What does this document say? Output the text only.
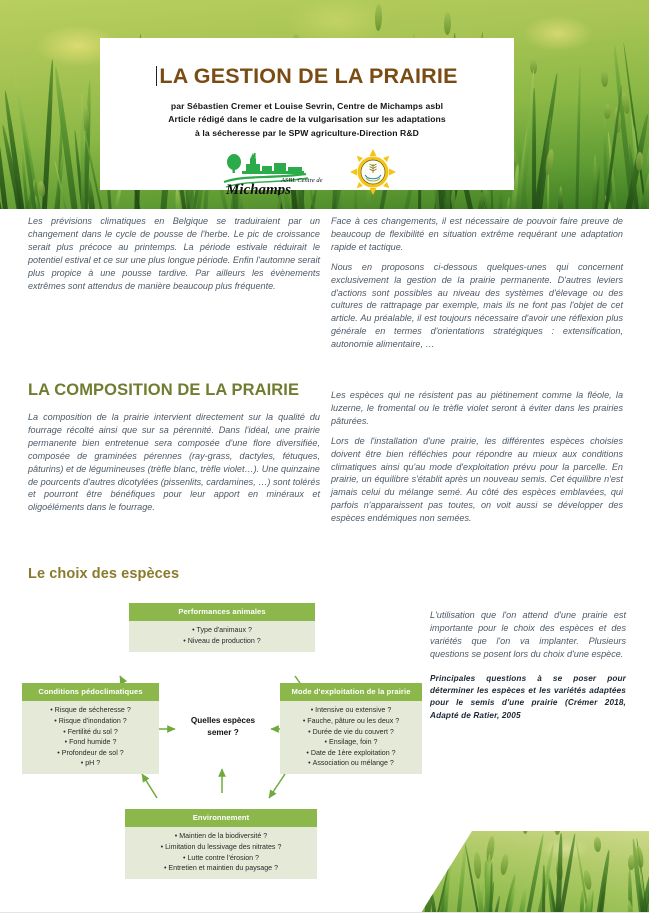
LA GESTION DE LA PRAIRIE

par Sébastien Cremer et Louise Sevrin, Centre de Michamps asbl
Article rédigé dans le cadre de la vulgarisation sur les adaptations
à la sécheresse par le SPW agriculture-Direction R&D

ASBL Centre de
Michamps

Les prévisions climatiques en Belgique se traduiraient par un changement dans le cycle de pousse de l'herbe. Le pic de croissance serait plus précoce au printemps. La période estivale réduirait le potentiel estival et ce sur une plus longue période. Enfin l'automne serait plus propice à une pousse tardive. Par ailleurs les évènements extrêmes sont attendus de manière beaucoup plus fréquente.

Face à ces changements, il est nécessaire de pouvoir faire preuve de beaucoup de flexibilité en situation extrême requérant une adaptation rapide et tactique.

Nous en proposons ci-dessous quelques-unes qui concernent exclusivement la gestion de la prairie permanente. D'autres leviers d'actions sont possibles au niveau des systèmes d'élevage ou des cultures de rattrapage par exemple, mais ils ne font pas l'objet de cet article. Au préalable, il est toujours nécessaire d'avoir une réflexion plus générale en termes d'orientations stratégiques : extensification, autonomie alimentaire, …

LA COMPOSITION DE LA PRAIRIE

La composition de la prairie intervient directement sur la qualité du fourrage récolté ainsi que sur sa pérennité. Dans l'idéal, une prairie permanente bien entretenue sera composée d'une flore diversifiée, composée de graminées pérennes (ray-grass, dactyles, fétuques, pâturins) et de légumineuses (trèfle blanc, trèfle violet…). Une quinzaine de pourcents d'autres dicotylées (pissenlits, cardamines, …) sont tolérés et pourront être bénéfiques pour leur apport en minéraux et oligoéléments dans le fourrage.

Les espèces qui ne résistent pas au piétinement comme la fléole, la luzerne, le fromental ou le trèfle violet seront à éviter dans les prairies pâturées.

Lors de l'installation d'une prairie, les différentes espèces choisies doivent être bien réfléchies pour répondre au mieux aux conditions climatiques ainsi qu'au mode d'exploitation prévu pour la parcelle. En prairie, un équilibre s'établit après un nouveau semis. Cet équilibre n'est jamais celui du mélange semé. Au côté des espèces emblavées, qui parfois n'apparaissent pas toutes, on voit aussi se développer des espèces endémiques non semées.

Le choix des espèces
Performances animales
• Type d'animaux ?
• Niveau de production ?
Conditions pédoclimatiques
• Risque de sécheresse ?
• Risque d'inondation ?
• Fertilité du sol ?
• Fond humide ?
• Profondeur de sol ?
• pH ?
Mode d'exploitation de la prairie
• Intensive ou extensive ?
• Fauche, pâture ou les deux ?
• Durée de vie du couvert ?
• Ensilage, foin ?
• Date de 1ère exploitation ?
• Association ou mélange ?
Environnement
• Maintien de la biodiversité ?
• Limitation du lessivage des nitrates ?
• Lutte contre l'érosion ?
• Entretien et maintien du paysage ?
Quelles espèces
semer ?

L'utilisation que l'on attend d'une prairie est importante pour le choix des espèces et des variétés que l'on va implanter. Plusieurs questions se posent lors du choix d'une espèce.

Principales questions à se poser pour déterminer les espèces et les variétés adaptées pour le semis d'une prairie (Crémer 2018, Adapté de Ratier, 2005
